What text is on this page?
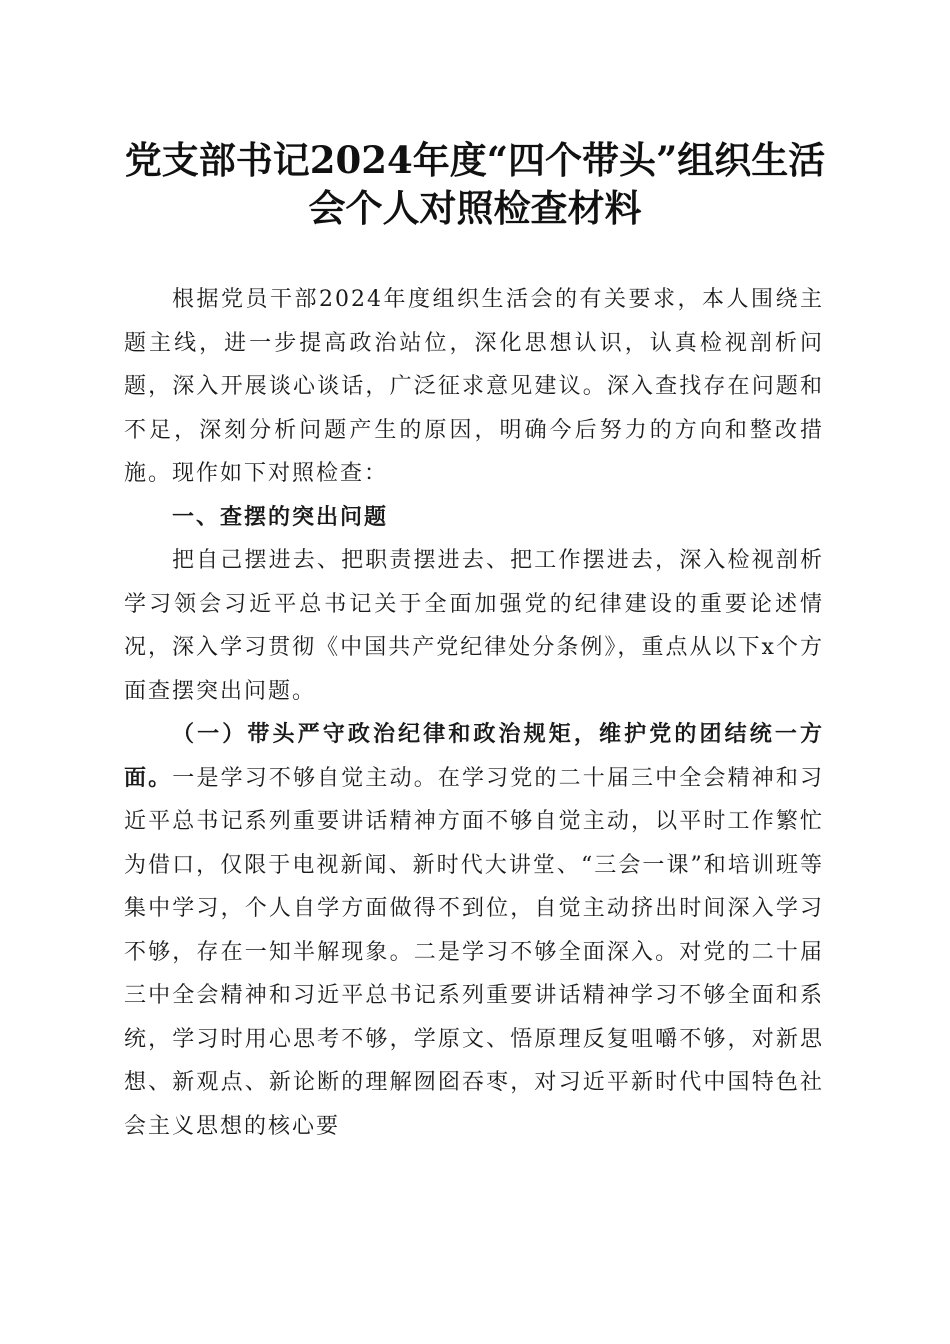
党支部书记2024年度“四个带头”组织生活
会个人对照检查材料

根据党员干部2024年度组织生活会的有关要求，本人围绕主题主线，进一步提高政治站位，深化思想认识，认真检视剖析问题，深入开展谈心谈话，广泛征求意见建议。深入查找存在问题和不足，深刻分析问题产生的原因，明确今后努力的方向和整改措施。现作如下对照检查：

一、查摆的突出问题

把自己摆进去、把职责摆进去、把工作摆进去，深入检视剖析学习领会习近平总书记关于全面加强党的纪律建设的重要论述情况，深入学习贯彻《中国共产党纪律处分条例》，重点从以下x个方面查摆突出问题。

（一）带头严守政治纪律和政治规矩，维护党的团结统一方面。一是学习不够自觉主动。在学习党的二十届三中全会精神和习近平总书记系列重要讲话精神方面不够自觉主动，以平时工作繁忙为借口，仅限于电视新闻、新时代大讲堂、“三会一课”和培训班等集中学习，个人自学方面做得不到位，自觉主动挤出时间深入学习不够，存在一知半解现象。二是学习不够全面深入。对党的二十届三中全会精神和习近平总书记系列重要讲话精神学习不够全面和系统，学习时用心思考不够，学原文、悟原理反复咀嚼不够，对新思想、新观点、新论断的理解囫囵吞枣，对习近平新时代中国特色社会主义思想的核心要
